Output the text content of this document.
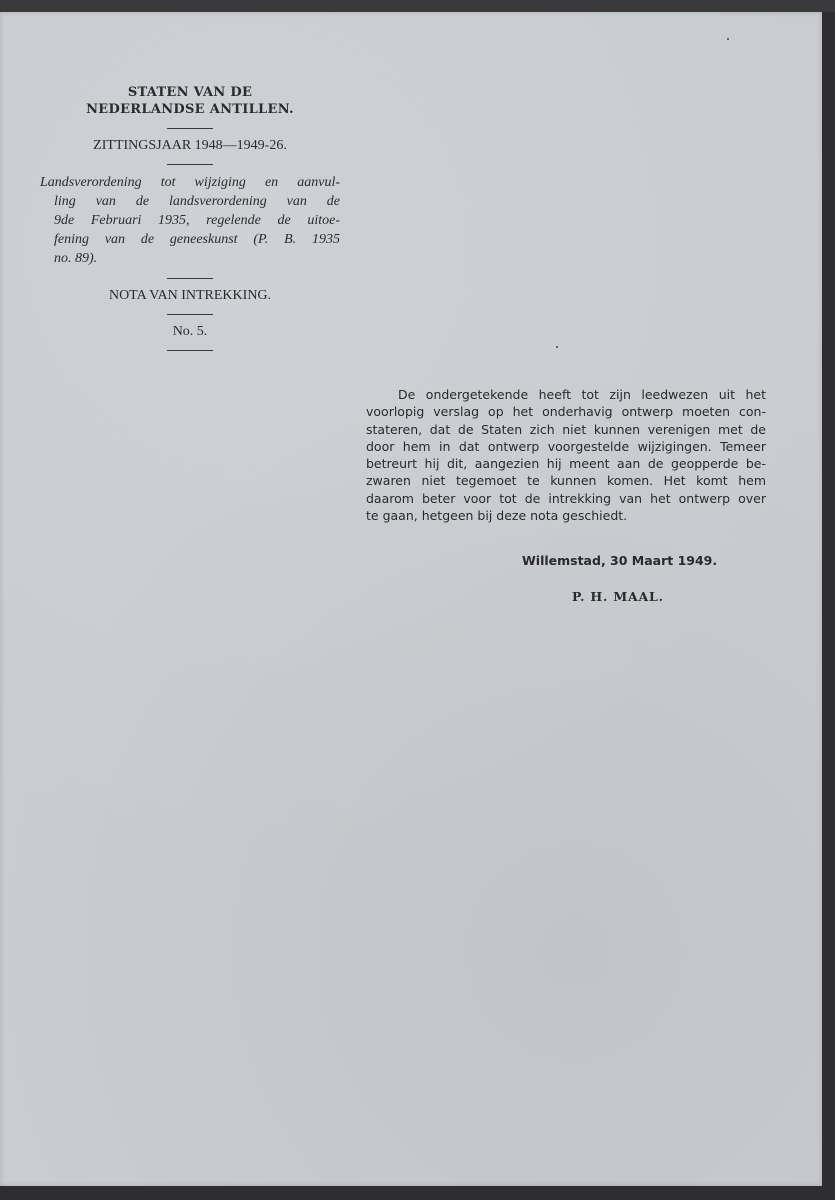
STATEN VAN DE
NEDERLANDSE ANTILLEN.
ZITTINGSJAAR 1948—1949-26.
Landsverordening tot wijziging en aanvul-
ling van de landsverordening van de
9de Februari 1935, regelende de uitoe-
fening van de geneeskunst (P. B. 1935
no. 89).
NOTA VAN INTREKKING.
No. 5.
De ondergetekende heeft tot zijn leedwezen uit het
voorlopig verslag op het onderhavig ontwerp moeten con-
stateren, dat de Staten zich niet kunnen verenigen met de
door hem in dat ontwerp voorgestelde wijzigingen. Temeer
betreurt hij dit, aangezien hij meent aan de geopperde be-
zwaren niet tegemoet te kunnen komen. Het komt hem
daarom beter voor tot de intrekking van het ontwerp over
te gaan, hetgeen bij deze nota geschiedt.
Willemstad, 30 Maart 1949.
P. H. MAAL.
